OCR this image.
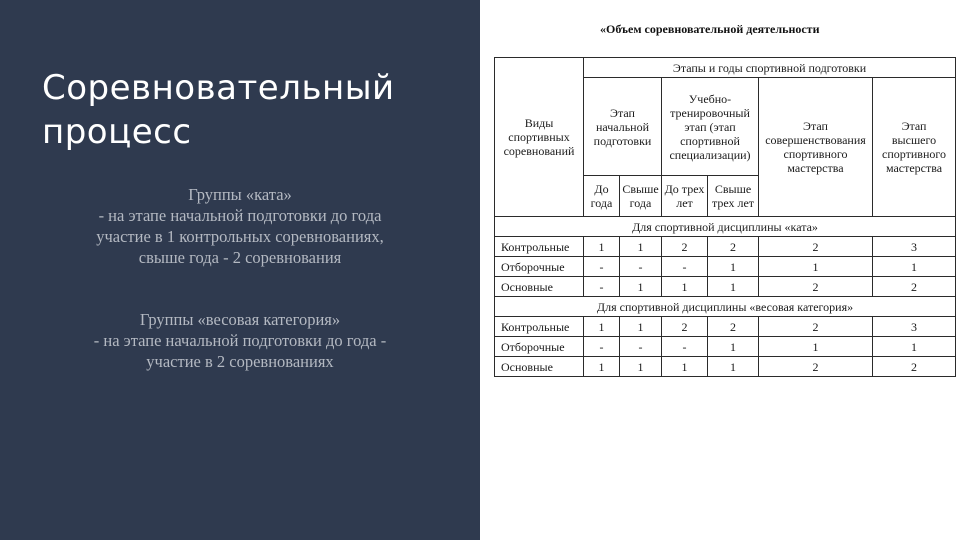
Соревновательный
процесс
Группы «ката»
- на этапе начальной подготовки до года
участие в 1 контрольных соревнованиях,
свыше года - 2 соревнования
Группы «весовая категория»
- на этапе начальной подготовки до года -
участие в 2 соревнованиях
«Объем соревновательной деятельности
Виды
спортивных
соревнований	Этапы и годы спортивной подготовки					

	Этап
начальной
подготовки		Учебно-
тренировочный
этап (этап
спортивной
специализации)		Этап
совершенствования
спортивного
мастерства	Этап
высшего
спортивного
мастерства

	До
года	Свыше
года	До трех
лет	Свыше
трех лет		

Для спортивной дисциплины «ката»						
Контрольные	1	1	2	2	2	3
Отборочные	-	-	-	1	1	1
Основные	-	1	1	1	2	2
Для спортивной дисциплины «весовая категория»						
Контрольные	1	1	2	2	2	3
Отборочные	-	-	-	1	1	1
Основные	1	1	1	1	2	2
